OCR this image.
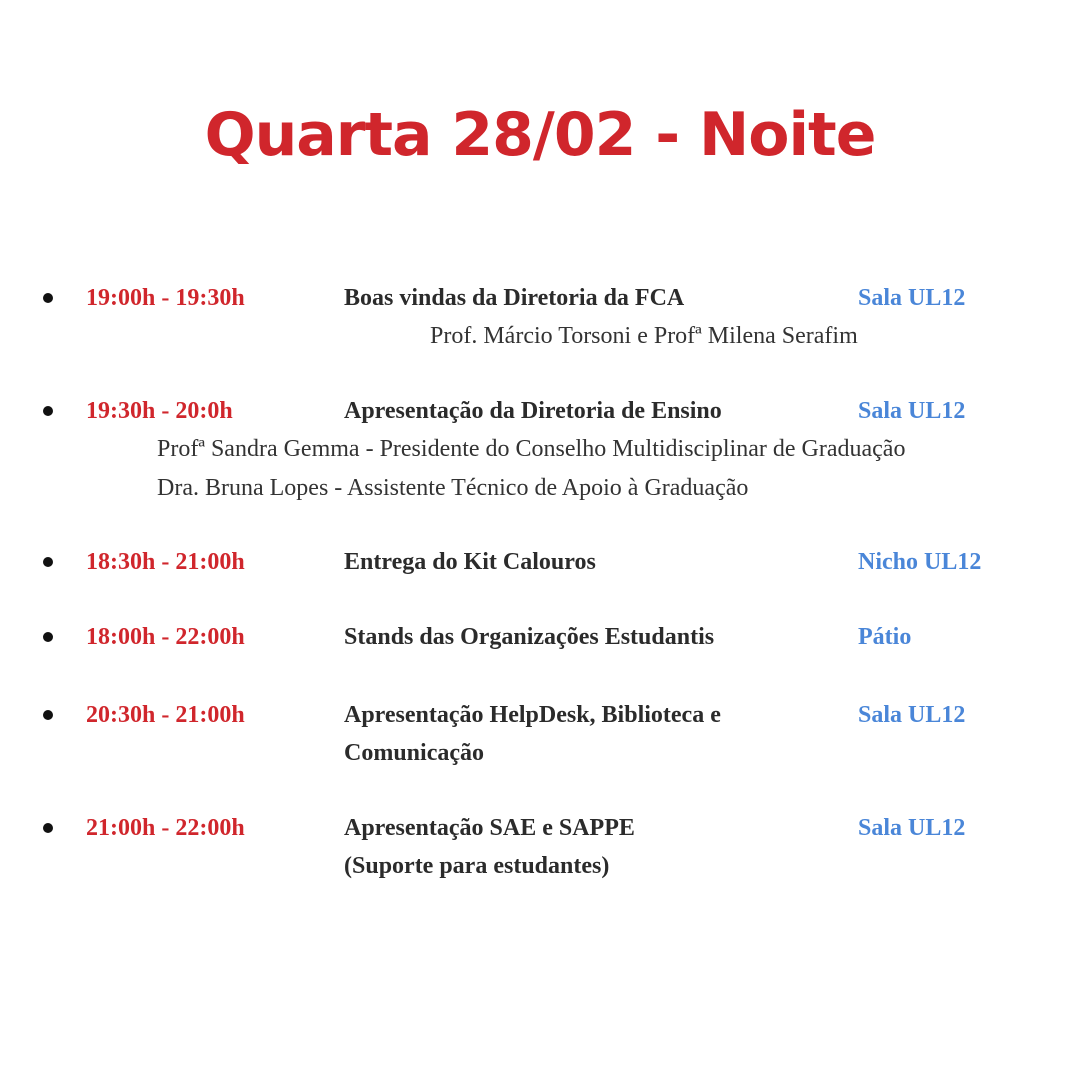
Quarta 28/02 - Noite
19:00h - 19:30h	Boas vindas da Diretoria da FCA	Sala UL12
Prof. Márcio Torsoni e Profª Milena Serafim
19:30h - 20:0h	Apresentação da Diretoria de Ensino	Sala UL12
Profª Sandra Gemma - Presidente do Conselho Multidisciplinar de Graduação
Dra. Bruna Lopes - Assistente Técnico de Apoio à Graduação
18:30h - 21:00h	Entrega do Kit Calouros	Nicho UL12
18:00h - 22:00h	Stands das Organizações Estudantis	Pátio
20:30h - 21:00h	Apresentação HelpDesk, Biblioteca e	Sala UL12
Comunicação
21:00h - 22:00h	Apresentação SAE e SAPPE	Sala UL12
(Suporte para estudantes)
